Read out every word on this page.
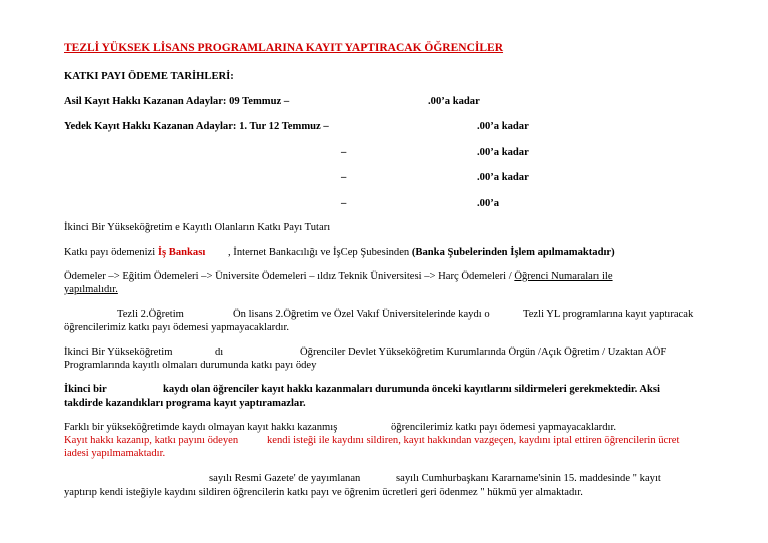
TEZLİ YÜKSEK LİSANS PROGRAMLARINA KAYIT YAPTIRACAK ÖĞRENCİLER
KATKI PAYI ÖDEME TARİHLERİ:
Asil Kayıt Hakkı Kazanan Adaylar: 09 Temmuz –	.00’a kadar
Yedek Kayıt Hakkı Kazanan Adaylar: 1. Tur 12 Temmuz –	.00’a kadar
–	.00’a kadar
–	.00’a kadar
–	.00’a
İkinci Bir Yükseköğretim e Kayıtlı Olanların Katkı Payı Tutarı
Katkı payı ödemenizi İş Bankası , İnternet Bankacılığı ve İşCep Şubesinden (Banka Şubelerinden İşlem apılmamaktadır)
Ödemeler –> Eğitim Ödemeleri –> Üniversite Ödemeleri – ıldız Teknik Üniversitesi –> Harç Ödemeleri / Öğrenci Numaraları ile
yapılmalıdır.
Tezli 2.Öğretim	Ön lisans 2.Öğretim ve Özel Vakıf Üniversitelerinde kaydı o	Tezli YL programlarına kayıt yaptıracak
öğrencilerimiz katkı payı ödemesi yapmayacaklardır.
İkinci Bir Yükseköğretim	dı	Öğrenciler Devlet Yükseköğretim Kurumlarında Örgün /Açık Öğretim / Uzaktan AÖF
Programlarında kayıtlı olmaları durumunda katkı payı ödey
İkinci bir	kaydı olan öğrenciler kayıt hakkı kazanmaları durumunda önceki kayıtlarını sildirmeleri gerekmektedir. Aksi
takdirde kazandıkları programa kayıt yaptıramazlar.
Farklı bir yükseköğretimde kaydı olmayan kayıt hakkı kazanmış	öğrencilerimiz katkı payı ödemesi yapmayacaklardır.
Kayıt hakkı kazanıp, katkı payını ödeyen	kendi isteği ile kaydını sildiren, kayıt hakkından vazgeçen, kaydını iptal ettiren öğrencilerin ücret
iadesi yapılmamaktadır.
sayılı Resmi Gazete' de yayımlanan	sayılı Cumhurbaşkanı Kararname'sinin 15. maddesinde " kayıt
yaptırıp kendi isteğiyle kaydını sildiren öğrencilerin katkı payı ve öğrenim ücretleri geri ödenmez " hükmü yer almaktadır.
